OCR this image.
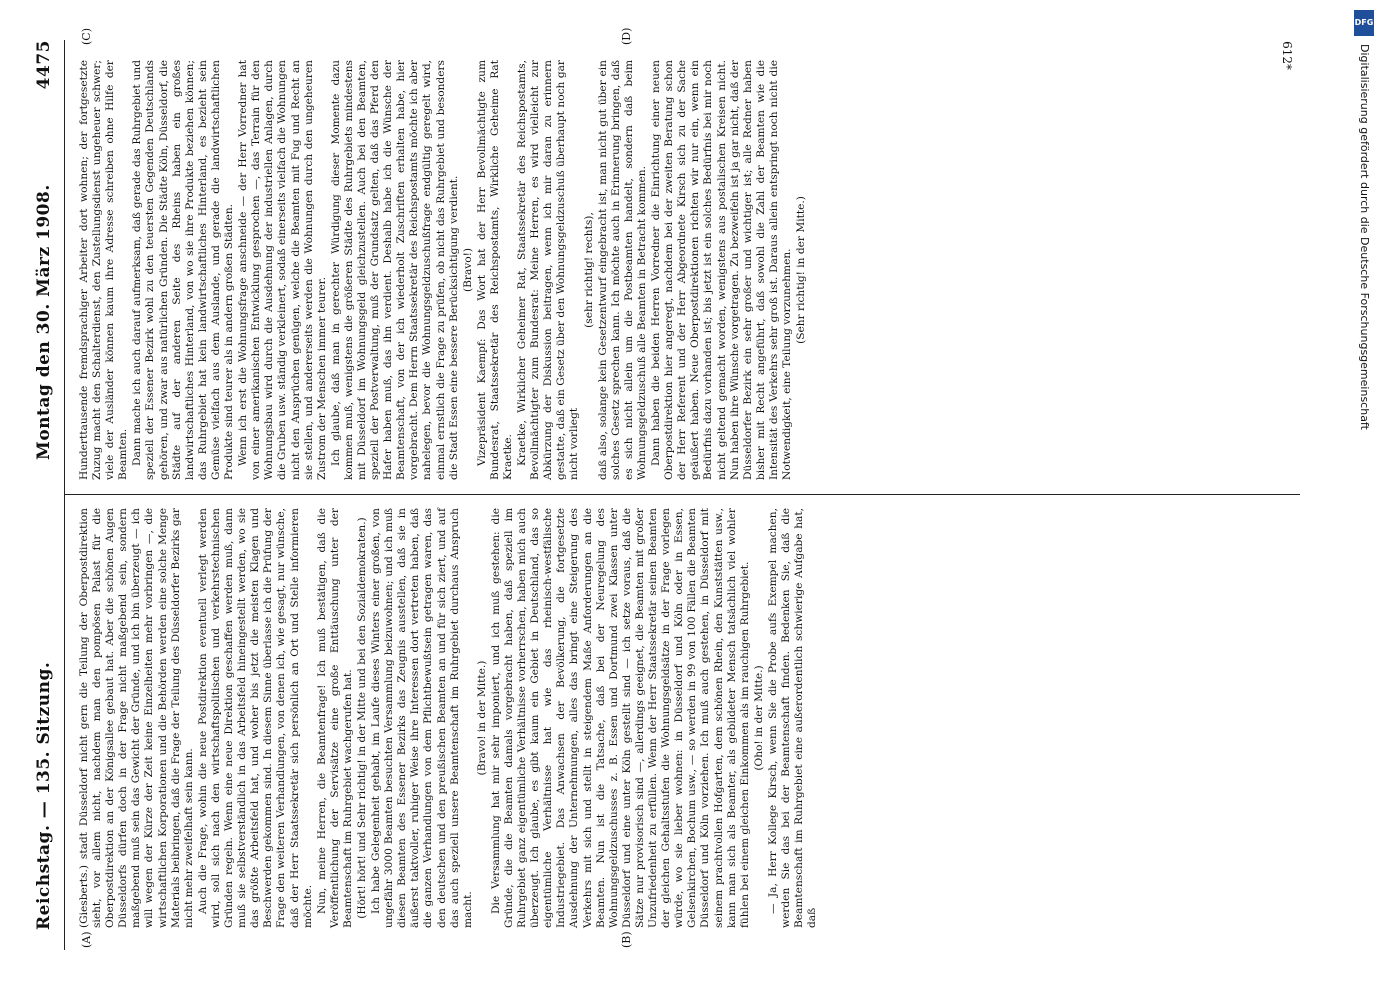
Reichstag. — 135. Sitzung.
Montag den 30. März 1908.
4475
(A)	(B)
(C)	(D)

(Giesberts.) stadt Düsseldorf nicht gern die Teilung der Oberpostdirektion sieht, vor allem nicht, nachdem man den pompösen Palast für die Oberpostdirektion an der Königsallee gebaut hat. Aber die schönen Augen Düsseldorfs dürfen doch in der Frage nicht maßgebend sein, sondern maßgebend muß sein das Gewicht der Gründe, und ich bin überzeugt — ich will wegen der Kürze der Zeit keine Einzelheiten mehr vorbringen —, die wirtschaftlichen Korporationen und die Behörden werden eine solche Menge Materials beibringen, daß die Frage der Teilung des Düsseldorfer Bezirks gar nicht mehr zweifelhaft sein kann. Auch die Frage, wohin die neue Postdirektion eventuell verlegt werden wird, soll sich nach den wirtschaftspolitischen und verkehrstechnischen Gründen regeln. Wenn eine neue Direktion geschaffen werden muß, dann muß sie selbstverständlich in das Arbeitsfeld hineingestellt werden, wo sie das größte Arbeitsfeld hat, und woher bis jetzt die meisten Klagen und Beschwerden gekommen sind. In diesem Sinne überlasse ich die Prüfung der Frage den weiteren Verhandlungen, von denen ich, wie gesagt, nur wünsche, daß der Herr Staatssekretär sich persönlich an Ort und Stelle informieren möchte. Nun, meine Herren, die Beamtenfrage! Ich muß bestätigen, daß die Veröffentlichung der Servisätze eine große Enttäuschung unter der Beamtenschaft im Ruhrgebiet wachgerufen hat. (Hört! hört! und Sehr richtig! in der Mitte und bei den Sozialdemokraten.) Ich habe Gelegenheit gehabt, im Laufe dieses Winters einer großen, von ungefähr 3000 Beamten besuchten Versammlung beizuwohnen; und ich muß diesen Beamten des Essener Bezirks das Zeugnis ausstellen, daß sie in äußerst taktvoller, ruhiger Weise ihre Interessen dort vertreten haben, daß die ganzen Verhandlungen von dem Pflichtbewußtsein getragen waren, das den deutschen und den preußischen Beamten an und für sich ziert, und auf das auch speziell unsere Beamtenschaft im Ruhrgebiet durchaus Anspruch macht.

(Bravo! in der Mitte.) Die Versammlung hat mir sehr imponiert, und ich muß gestehen: die Gründe, die die Beamten damals vorgebracht haben, daß speziell im Ruhrgebiet ganz eigentümliche Verhältnisse vorherrschen, haben mich auch überzeugt. Ich glaube, es gibt kaum ein Gebiet in Deutschland, das so eigentümliche Verhältnisse hat wie das rheinisch-westfälische Industriegebiet. Das Anwachsen der Bevölkerung, die fortgesetzte Ausdehnung der Unternehmungen, alles das bringt eine Steigerung des Verkehrs mit sich und stellt in steigendem Maße Anforderungen an die Beamten. Nun ist die Tatsache, daß bei der Neuregelung des Wohnungsgeldzuschusses z. B. Essen und Dortmund zwei Klassen unter Düsseldorf und eine unter Köln gestellt sind — ich setze voraus, daß die Sätze nur provisorisch sind —, allerdings geeignet, die Beamten mit großer Unzufriedenheit zu erfüllen. Wenn der Herr Staatssekretär seinen Beamten der gleichen Gehaltsstufen die Wohnungsgeldsätze in der Frage vorlegen würde, wo sie lieber wohnen: in Düsseldorf und Köln oder in Essen, Gelsenkirchen, Bochum usw., — so werden in 99 von 100 Fällen die Beamten Düsseldorf und Köln vorziehen. Ich muß auch gestehen, in Düsseldorf mit seinem prachtvollen Hofgarten, dem schönen Rhein, den Kunststätten usw., kann man sich als Beamter, als gebildeter Mensch tatsächlich viel wohler fühlen bei einem gleichen Einkommen als im rauchigen Ruhrgebiet. (Oho! in der Mitte.) — Ja, Herr Kollege Kirsch, wenn Sie die Probe aufs Exempel machen, werden Sie das bei der Beamtenschaft finden. Bedenken Sie, daß die Beamtenschaft im Ruhrgebiet eine außerordentlich schwierige Aufgabe hat, daß

Hunderttausende fremdsprachiger Arbeiter dort wohnen; der fortgesetzte Zuzug macht den Schalterdienst, den Zustellungsdienst ungeheuer schwer; viele der Ausländer können kaum ihre Adresse schreiben ohne Hilfe der Beamten. Dann mache ich auch darauf aufmerksam, daß gerade das Ruhrgebiet und speziell der Essener Bezirk wohl zu den teuersten Gegenden Deutschlands gehören, und zwar aus natürlichen Gründen. Die Städte Köln, Düsseldorf, die Städte auf der anderen Seite des Rheins haben ein großes landwirtschaftliches Hinterland, von wo sie ihre Produkte beziehen können; das Ruhrgebiet hat kein landwirtschaftliches Hinterland, es bezieht sein Gemüse vielfach aus dem Auslande, und gerade die landwirtschaftlichen Produkte sind teurer als in andern großen Städten. Wenn ich erst die Wohnungsfrage anschneide — der Herr Vorredner hat von einer amerikanischen Entwicklung gesprochen —, das Terrain für den Wohnungsbau wird durch die Ausdehnung der industriellen Anlagen, durch die Gruben usw. ständig verkleinert, sodaß einerseits vielfach die Wohnungen nicht den Ansprüchen genügen, welche die Beamten mit Fug und Recht an sie stellen, und andererseits werden die Wohnungen durch den ungeheuren Zustrom der Menschen immer teurer. Ich glaube, daß man in gerechter Würdigung dieser Momente dazu kommen muß, wenigstens die größeren Städte des Ruhrgebiets mindestens mit Düsseldorf im Wohnungsgeld gleichzustellen. Auch bei den Beamten, speziell der Postverwaltung, muß der Grundsatz gelten, daß das Pferd den Hafer haben muß, das ihn verdient. Deshalb habe ich die Wünsche der Beamtenschaft, von der ich wiederholt Zuschriften erhalten habe, hier vorgebracht. Dem Herrn Staatssekretär des Reichspostamts möchte ich aber nahelegen, bevor die Wohnungsgeldzuschußfrage endgültig geregelt wird, einmal ernstlich die Frage zu prüfen, ob nicht das Ruhrgebiet und besonders die Stadt Essen eine bessere Berücksichtigung verdient. (Bravo!) Vizepräsident Kaempf: Das Wort hat der Herr Bevollmächtigte zum Bundesrat, Staatssekretär des Reichspostamts, Wirkliche Geheime Rat Kraetke. Kraetke, Wirklicher Geheimer Rat, Staatssekretär des Reichspostamts, Bevollmächtigter zum Bundesrat: Meine Herren, es wird vielleicht zur Abkürzung der Diskussion beitragen, wenn ich mir daran zu erinnern gestatte, daß ein Gesetz über den Wohnungsgeldzuschuß überhaupt noch gar nicht vorliegt

(sehr richtig! rechts), daß also, solange kein Gesetzentwurf eingebracht ist, man nicht gut über ein solches Gesetz sprechen kann. Ich möchte auch in Erinnerung bringen, daß es sich nicht allein um die Postbeamten handelt, sondern daß beim Wohnungsgeldzuschuß alle Beamten in Betracht kommen. Dann haben die beiden Herren Vorredner die Einrichtung einer neuen Oberpostdirektion hier angeregt, nachdem bei der zweiten Beratung schon der Herr Referent und der Herr Abgeordnete Kirsch sich zu der Sache geäußert haben. Neue Oberpostdirektionen richten wir nur ein, wenn ein Bedürfnis dazu vorhanden ist; bis jetzt ist ein solches Bedürfnis bei mir noch nicht geltend gemacht worden, wenigstens aus postalischen Kreisen nicht. Nun haben ihre Wünsche vorgetragen. Zu bezweifeln ist ja gar nicht, daß der Düsseldorfer Bezirk ein sehr großer und wichtiger ist; alle Redner haben bisher mit Recht angeführt, daß sowohl die Zahl der Beamten wie die Intensität des Verkehrs sehr groß ist. Daraus allein entspringt noch nicht die Notwendigkeit, eine Teilung vorzunehmen. (Sehr richtig! in der Mitte.)

612*
DFG
Digitalisierung gefördert durch die Deutsche Forschungsgemeinschaft
